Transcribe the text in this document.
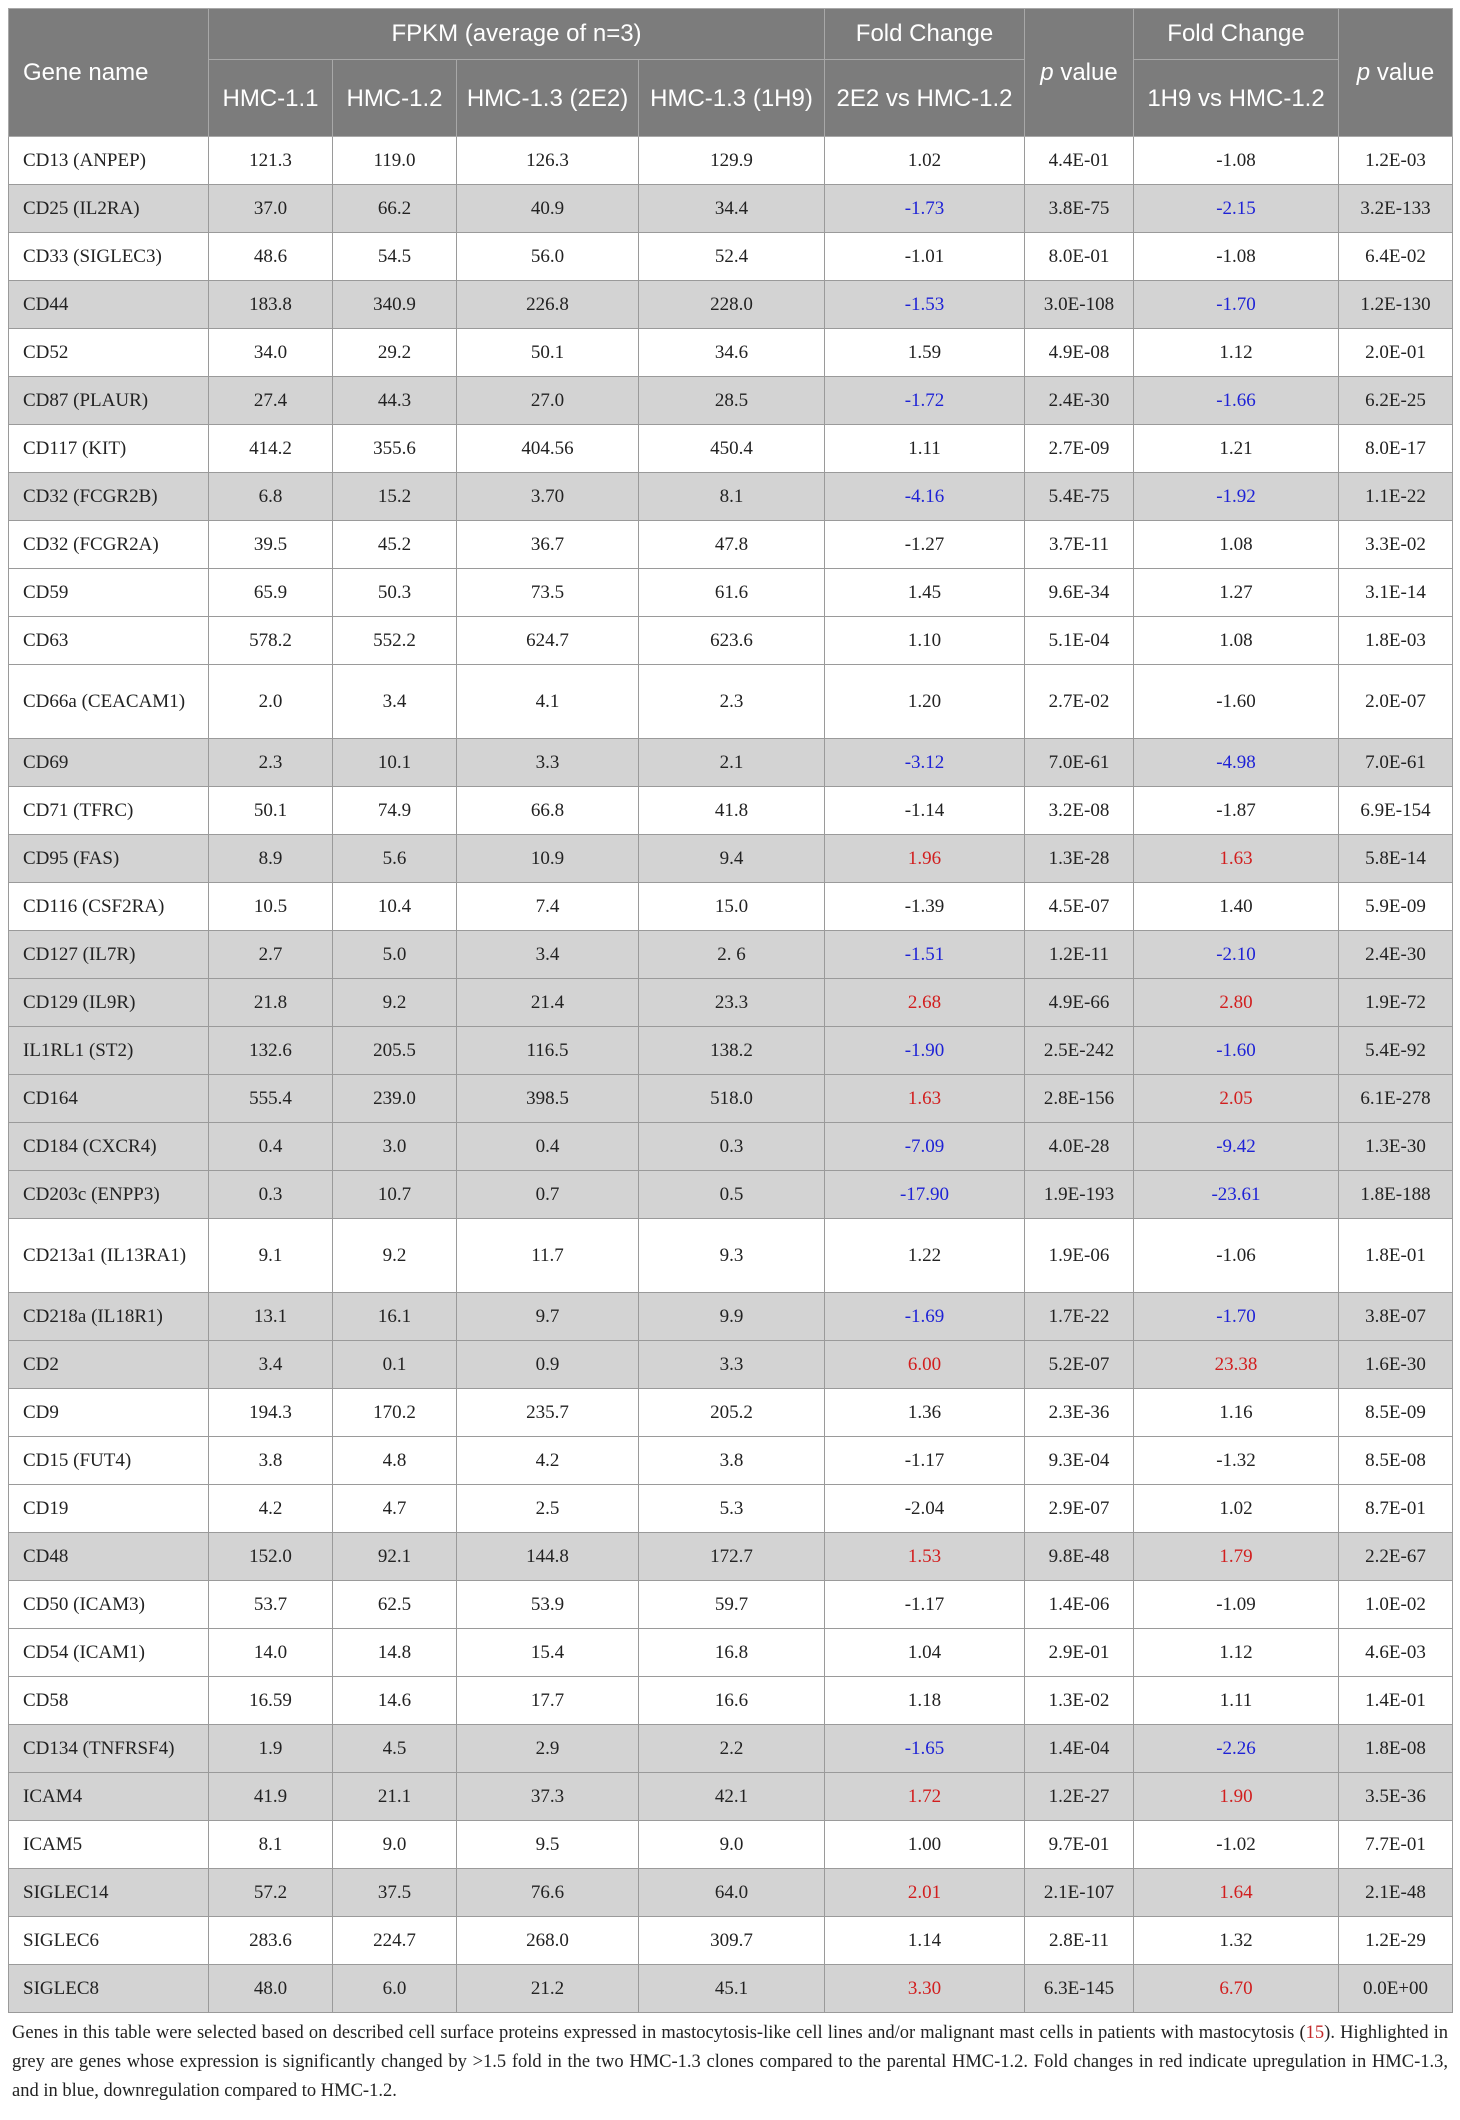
Gene name	FPKM (average of n=3)				Fold Change	p value	Fold Change	p value
	HMC-1.1	HMC-1.2	HMC-1.3 (2E2)	HMC-1.3 (1H9)	2E2 vs HMC-1.2		1H9 vs HMC-1.2	
CD13 (ANPEP)	121.3	119.0	126.3	129.9	1.02	4.4E-01	-1.08	1.2E-03
CD25 (IL2RA)	37.0	66.2	40.9	34.4	-1.73	3.8E-75	-2.15	3.2E-133
CD33 (SIGLEC3)	48.6	54.5	56.0	52.4	-1.01	8.0E-01	-1.08	6.4E-02
CD44	183.8	340.9	226.8	228.0	-1.53	3.0E-108	-1.70	1.2E-130
CD52	34.0	29.2	50.1	34.6	1.59	4.9E-08	1.12	2.0E-01
CD87 (PLAUR)	27.4	44.3	27.0	28.5	-1.72	2.4E-30	-1.66	6.2E-25
CD117 (KIT)	414.2	355.6	404.56	450.4	1.11	2.7E-09	1.21	8.0E-17
CD32 (FCGR2B)	6.8	15.2	3.70	8.1	-4.16	5.4E-75	-1.92	1.1E-22
CD32 (FCGR2A)	39.5	45.2	36.7	47.8	-1.27	3.7E-11	1.08	3.3E-02
CD59	65.9	50.3	73.5	61.6	1.45	9.6E-34	1.27	3.1E-14
CD63	578.2	552.2	624.7	623.6	1.10	5.1E-04	1.08	1.8E-03
CD66a (CEACAM1)	2.0	3.4	4.1	2.3	1.20	2.7E-02	-1.60	2.0E-07
CD69	2.3	10.1	3.3	2.1	-3.12	7.0E-61	-4.98	7.0E-61
CD71 (TFRC)	50.1	74.9	66.8	41.8	-1.14	3.2E-08	-1.87	6.9E-154
CD95 (FAS)	8.9	5.6	10.9	9.4	1.96	1.3E-28	1.63	5.8E-14
CD116 (CSF2RA)	10.5	10.4	7.4	15.0	-1.39	4.5E-07	1.40	5.9E-09
CD127 (IL7R)	2.7	5.0	3.4	2. 6	-1.51	1.2E-11	-2.10	2.4E-30
CD129 (IL9R)	21.8	9.2	21.4	23.3	2.68	4.9E-66	2.80	1.9E-72
IL1RL1 (ST2)	132.6	205.5	116.5	138.2	-1.90	2.5E-242	-1.60	5.4E-92
CD164	555.4	239.0	398.5	518.0	1.63	2.8E-156	2.05	6.1E-278
CD184 (CXCR4)	0.4	3.0	0.4	0.3	-7.09	4.0E-28	-9.42	1.3E-30
CD203c (ENPP3)	0.3	10.7	0.7	0.5	-17.90	1.9E-193	-23.61	1.8E-188
CD213a1 (IL13RA1)	9.1	9.2	11.7	9.3	1.22	1.9E-06	-1.06	1.8E-01
CD218a (IL18R1)	13.1	16.1	9.7	9.9	-1.69	1.7E-22	-1.70	3.8E-07
CD2	3.4	0.1	0.9	3.3	6.00	5.2E-07	23.38	1.6E-30
CD9	194.3	170.2	235.7	205.2	1.36	2.3E-36	1.16	8.5E-09
CD15 (FUT4)	3.8	4.8	4.2	3.8	-1.17	9.3E-04	-1.32	8.5E-08
CD19	4.2	4.7	2.5	5.3	-2.04	2.9E-07	1.02	8.7E-01
CD48	152.0	92.1	144.8	172.7	1.53	9.8E-48	1.79	2.2E-67
CD50 (ICAM3)	53.7	62.5	53.9	59.7	-1.17	1.4E-06	-1.09	1.0E-02
CD54 (ICAM1)	14.0	14.8	15.4	16.8	1.04	2.9E-01	1.12	4.6E-03
CD58	16.59	14.6	17.7	16.6	1.18	1.3E-02	1.11	1.4E-01
CD134 (TNFRSF4)	1.9	4.5	2.9	2.2	-1.65	1.4E-04	-2.26	1.8E-08
ICAM4	41.9	21.1	37.3	42.1	1.72	1.2E-27	1.90	3.5E-36
ICAM5	8.1	9.0	9.5	9.0	1.00	9.7E-01	-1.02	7.7E-01
SIGLEC14	57.2	37.5	76.6	64.0	2.01	2.1E-107	1.64	2.1E-48
SIGLEC6	283.6	224.7	268.0	309.7	1.14	2.8E-11	1.32	1.2E-29
SIGLEC8	48.0	6.0	21.2	45.1	3.30	6.3E-145	6.70	0.0E+00
Genes in this table were selected based on described cell surface proteins expressed in mastocytosis-like cell lines and/or malignant mast cells in patients with mastocytosis (15). Highlighted in grey are genes whose expression is significantly changed by >1.5 fold in the two HMC-1.3 clones compared to the parental HMC-1.2. Fold changes in red indicate upregulation in HMC-1.3, and in blue, downregulation compared to HMC-1.2.
